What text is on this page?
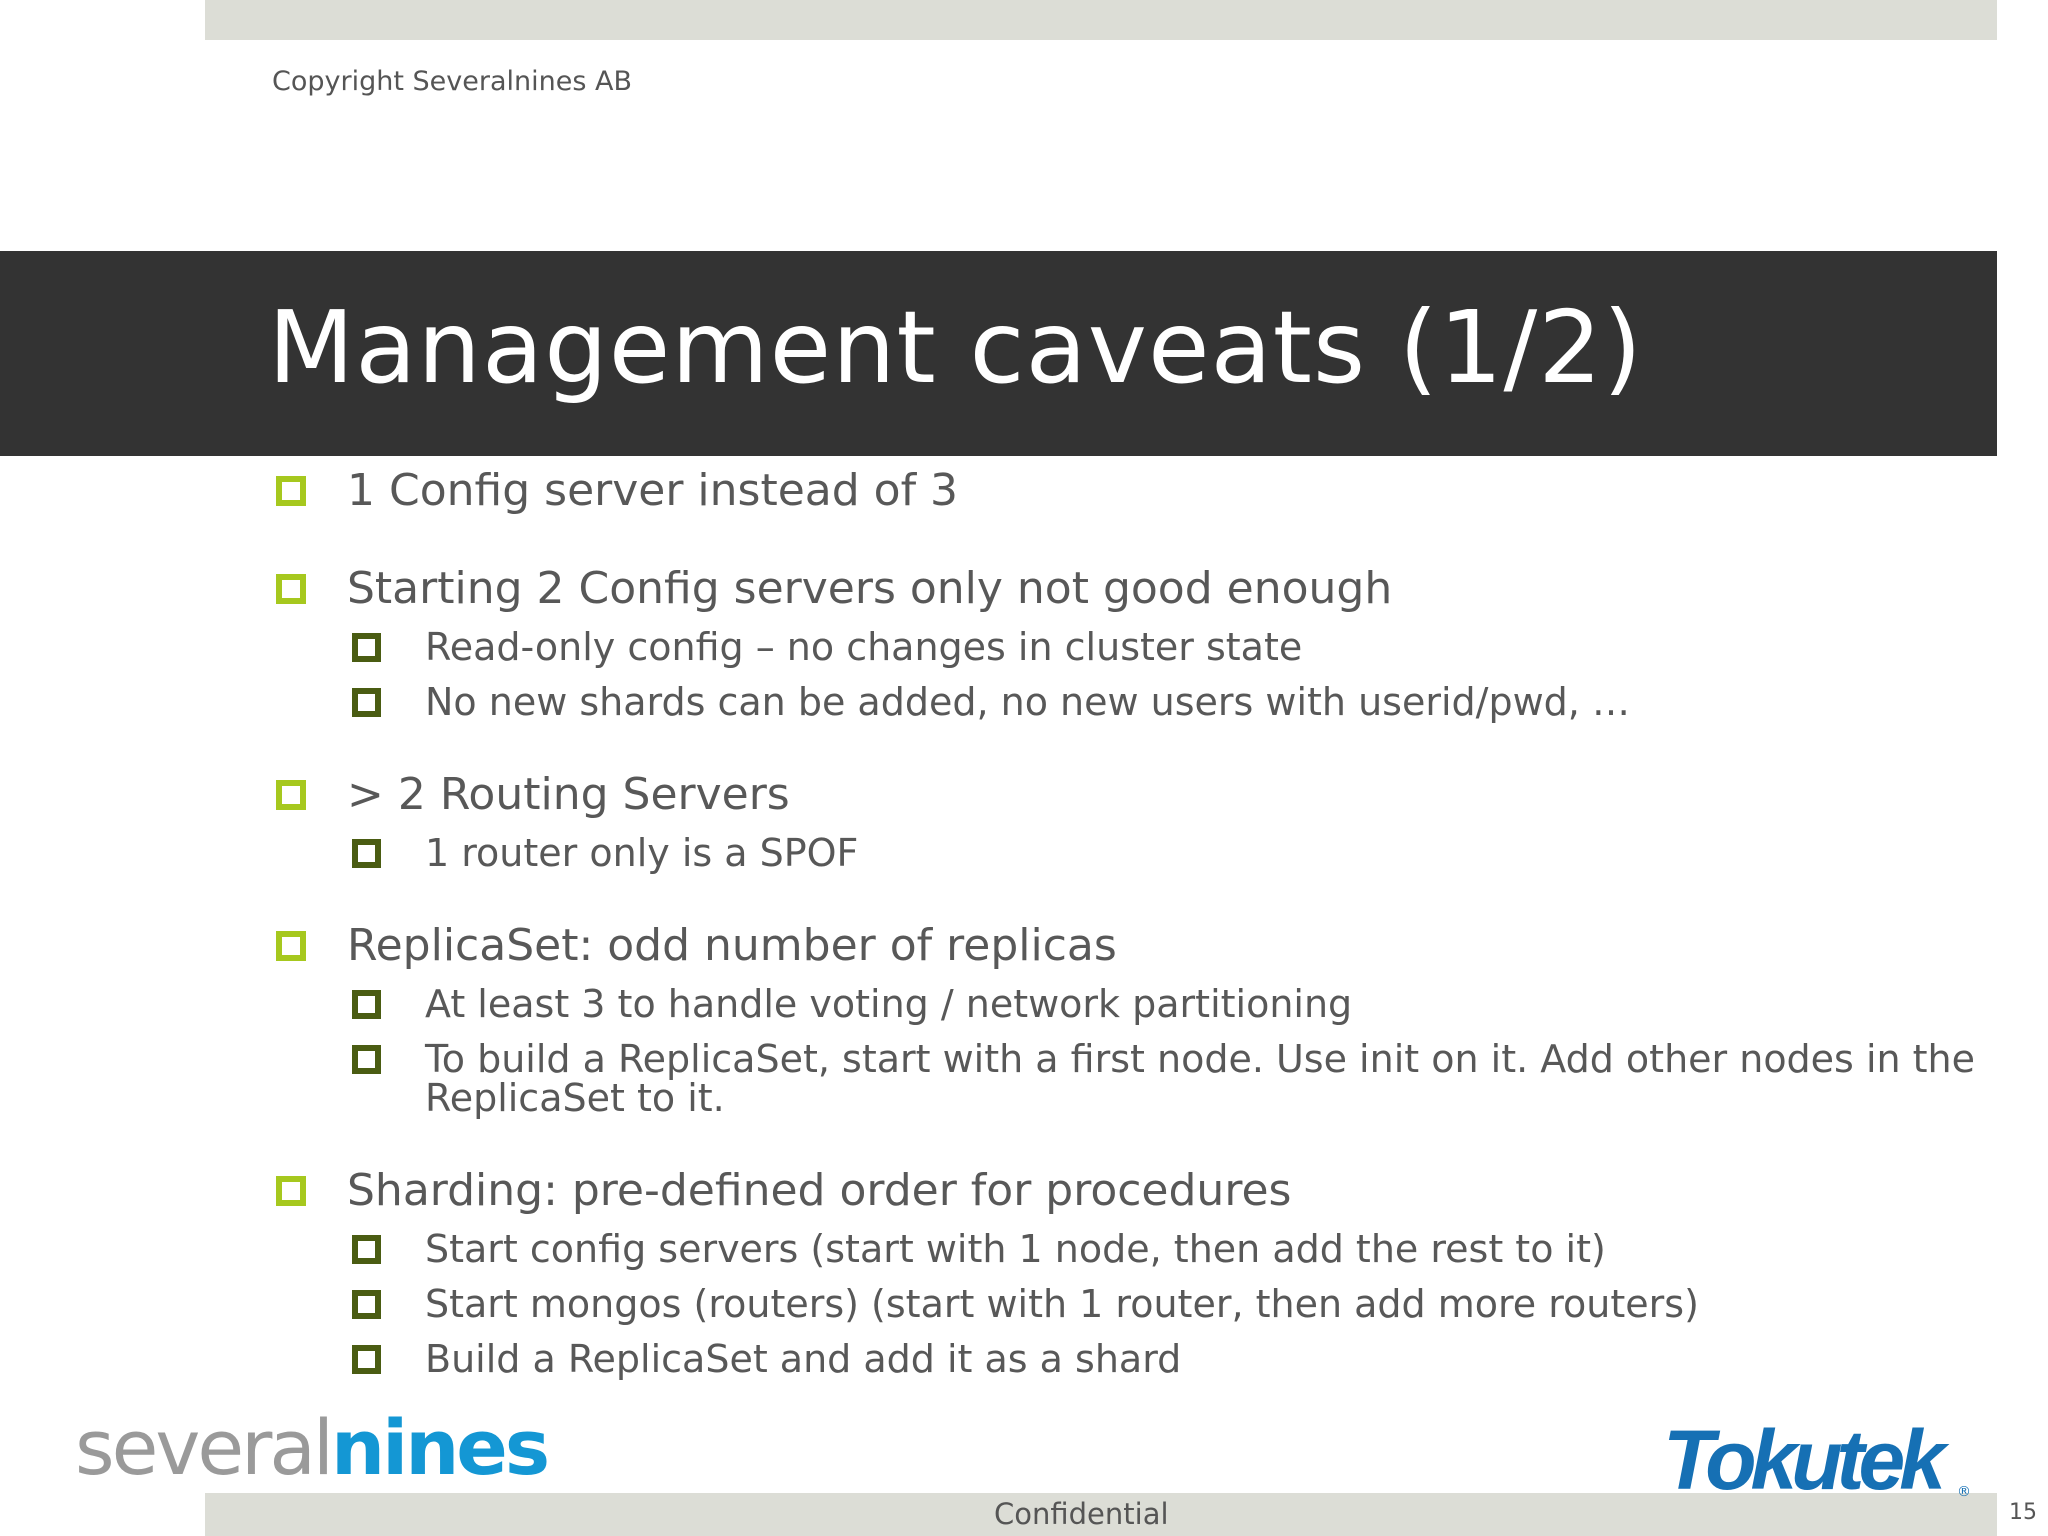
Copyright Severalnines AB
Management caveats (1/2)
1 Config server instead of 3
Starting 2 Config servers only not good enough
Read-only config – no changes in cluster state
No new shards can be added, no new users with userid/pwd, …
> 2 Routing Servers
1 router only is a SPOF
ReplicaSet: odd number of replicas
At least 3 to handle voting / network partitioning
To build a ReplicaSet, start with a first node. Use init on it. Add other nodes in the ReplicaSet to it.
Sharding: pre-defined order for procedures
Start config servers (start with 1 node, then add the rest to it)
Start mongos (routers) (start with 1 router, then add more routers)
Build a ReplicaSet and add it as a shard
severalnines
Confidential
Tokutek ®
15
